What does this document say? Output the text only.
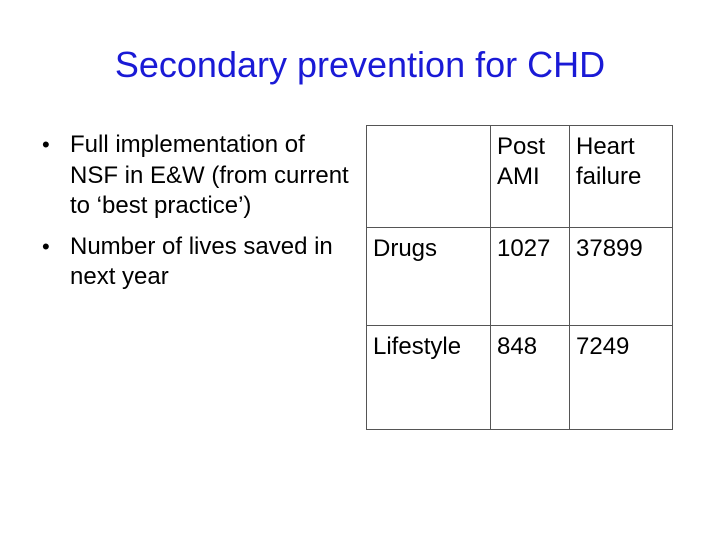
Secondary prevention for CHD
• Full implementation of NSF in E&W (from current to ‘best practice’)
• Number of lives saved in next year
	Post AMI	Heart failure
Drugs	1027	37899
Lifestyle	848	7249
